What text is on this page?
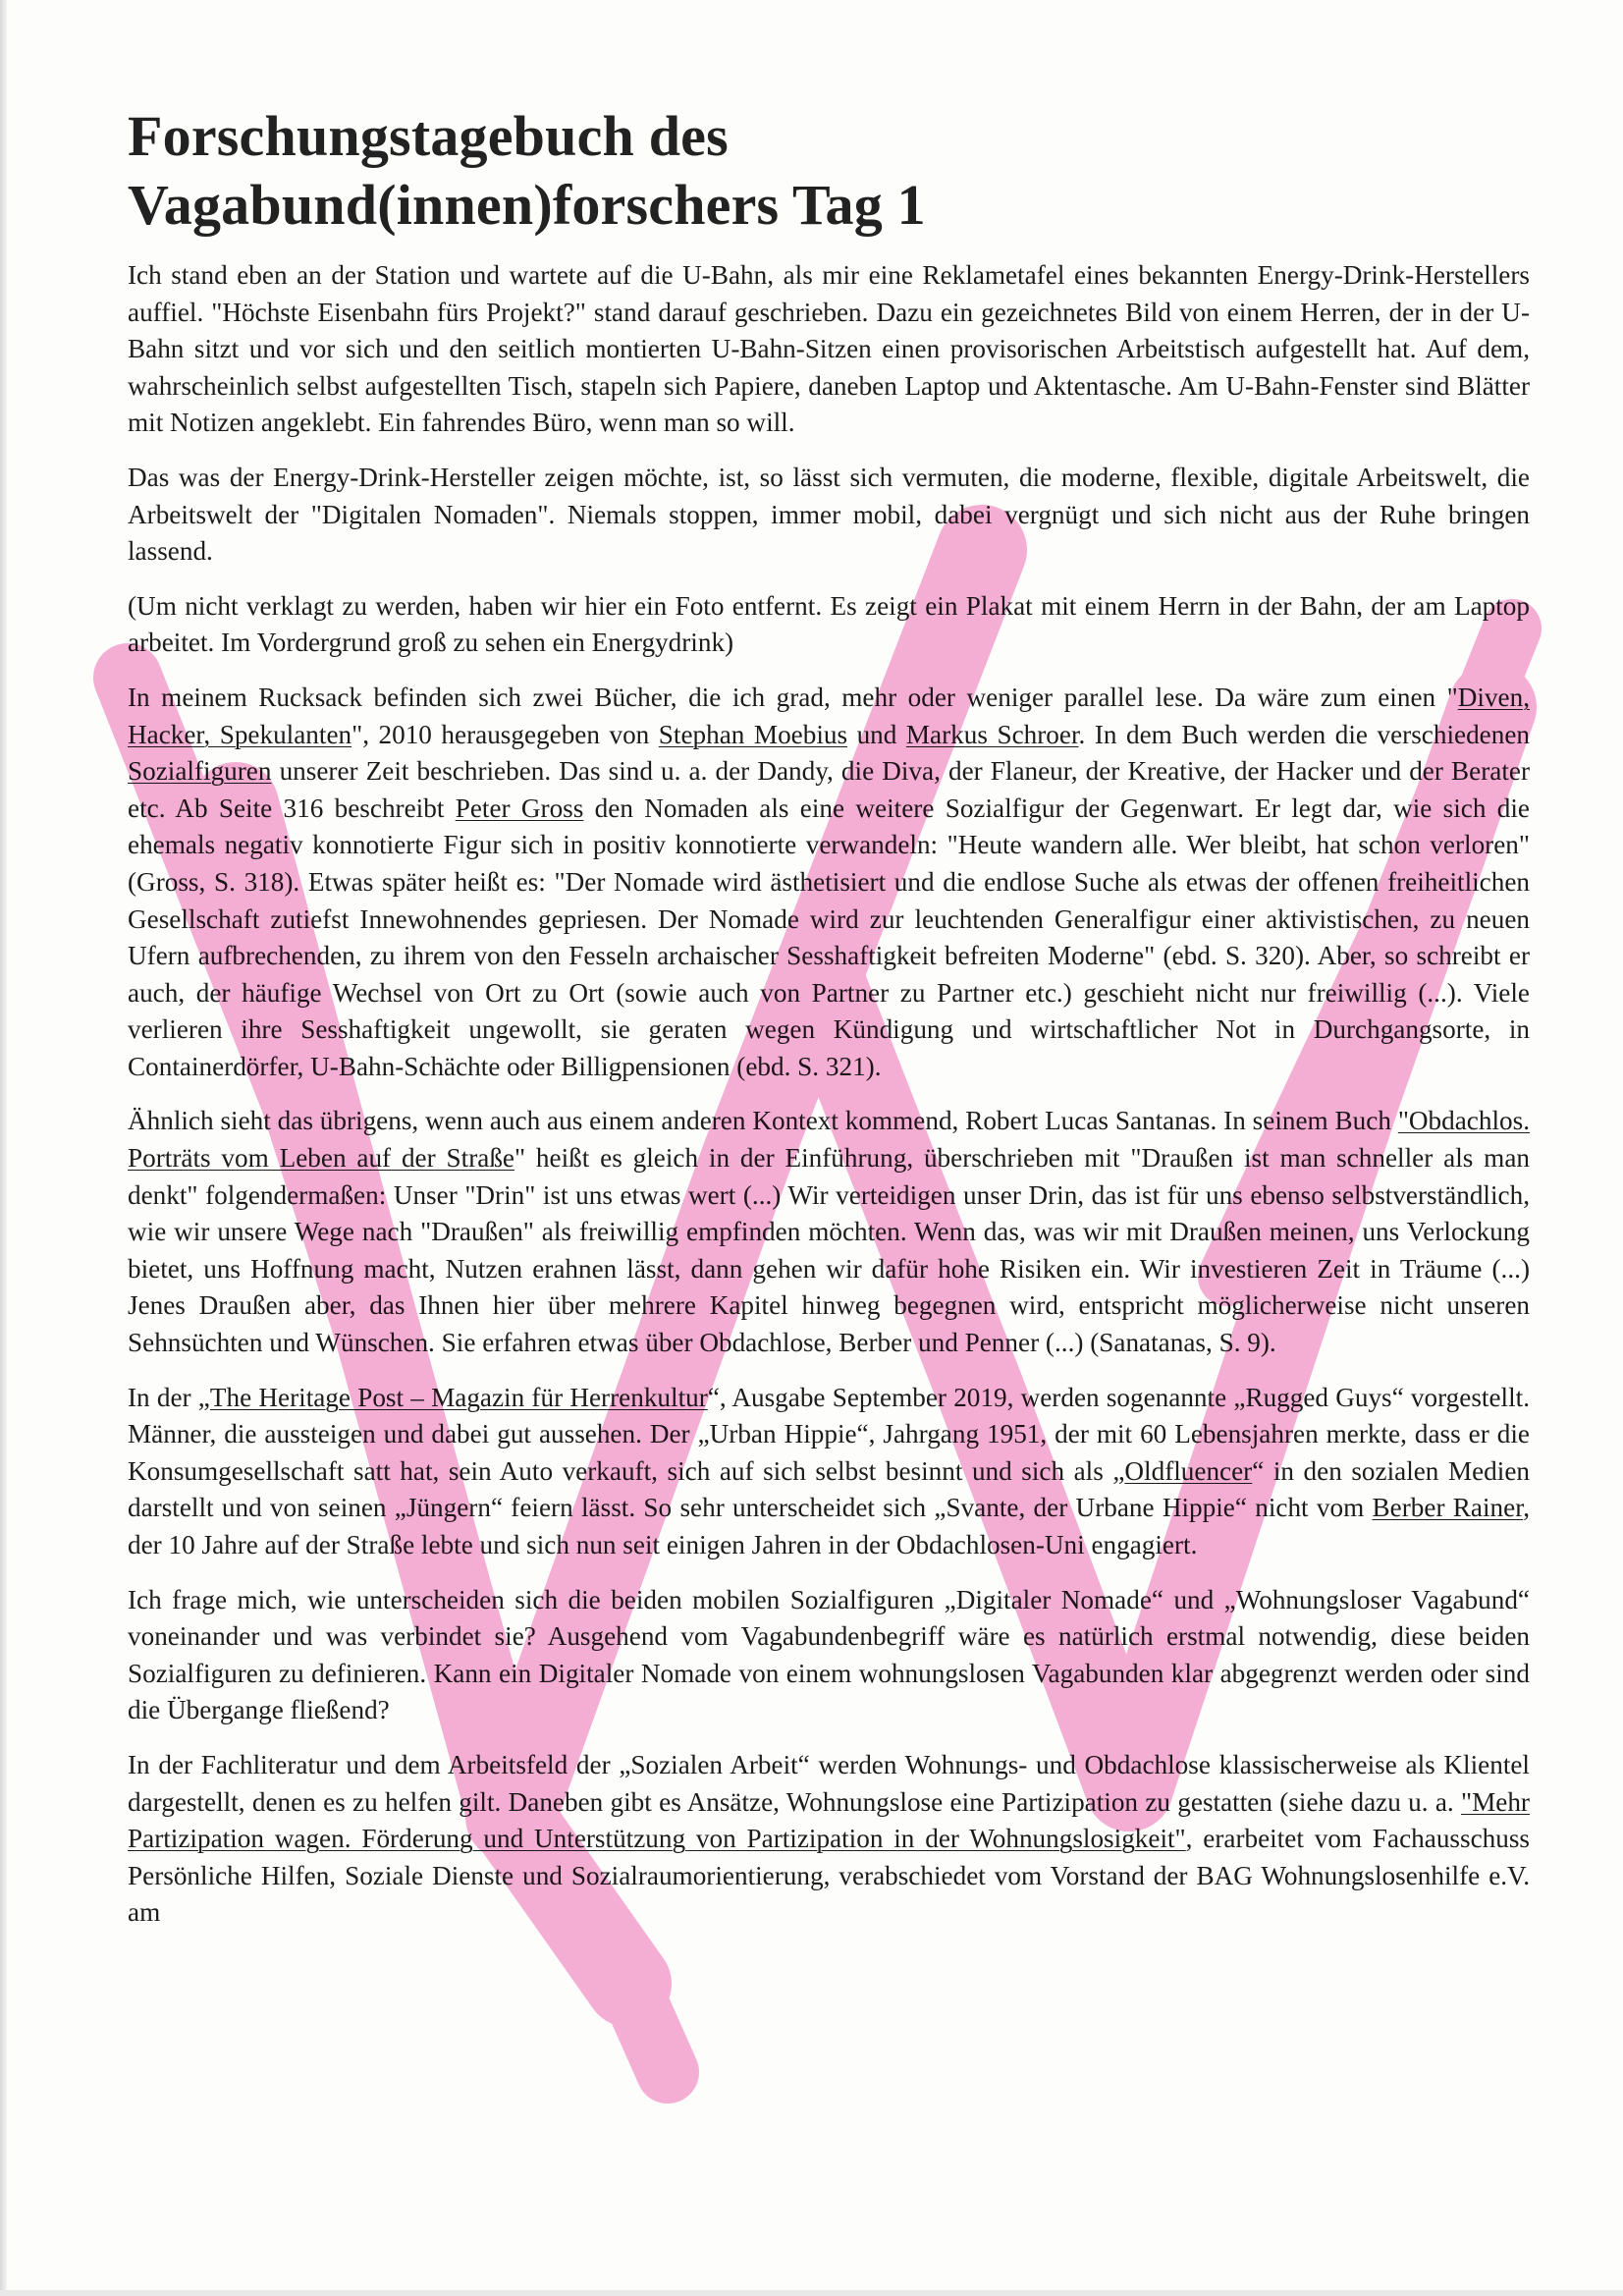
Forschungstagebuch des
Vagabund(innen)forschers Tag 1

Ich stand eben an der Station und wartete auf die U-Bahn, als mir eine Reklametafel eines bekannten Energy-Drink-Herstellers auffiel. "Höchste Eisenbahn fürs Projekt?" stand darauf geschrieben. Dazu ein gezeichnetes Bild von einem Herren, der in der U-Bahn sitzt und vor sich und den seitlich montierten U-Bahn-Sitzen einen provisorischen Arbeitstisch aufgestellt hat. Auf dem, wahrscheinlich selbst aufgestellten Tisch, stapeln sich Papiere, daneben Laptop und Aktentasche. Am U-Bahn-Fenster sind Blätter mit Notizen angeklebt. Ein fahrendes Büro, wenn man so will.

Das was der Energy-Drink-Hersteller zeigen möchte, ist, so lässt sich vermuten, die moderne, flexible, digitale Arbeitswelt, die Arbeitswelt der "Digitalen Nomaden". Niemals stoppen, immer mobil, dabei vergnügt und sich nicht aus der Ruhe bringen lassend.

(Um nicht verklagt zu werden, haben wir hier ein Foto entfernt. Es zeigt ein Plakat mit einem Herrn in der Bahn, der am Laptop arbeitet. Im Vordergrund groß zu sehen ein Energydrink)

In meinem Rucksack befinden sich zwei Bücher, die ich grad, mehr oder weniger parallel lese. Da wäre zum einen "Diven, Hacker, Spekulanten", 2010 herausgegeben von Stephan Moebius und Markus Schroer. In dem Buch werden die verschiedenen Sozialfiguren unserer Zeit beschrieben. Das sind u. a. der Dandy, die Diva, der Flaneur, der Kreative, der Hacker und der Berater etc. Ab Seite 316 beschreibt Peter Gross den Nomaden als eine weitere Sozialfigur der Gegenwart. Er legt dar, wie sich die ehemals negativ konnotierte Figur sich in positiv konnotierte verwandeln: "Heute wandern alle. Wer bleibt, hat schon verloren" (Gross, S. 318). Etwas später heißt es: "Der Nomade wird ästhetisiert und die endlose Suche als etwas der offenen freiheitlichen Gesellschaft zutiefst Innewohnendes gepriesen. Der Nomade wird zur leuchtenden Generalfigur einer aktivistischen, zu neuen Ufern aufbrechenden, zu ihrem von den Fesseln archaischer Sesshaftigkeit befreiten Moderne" (ebd. S. 320). Aber, so schreibt er auch, der häufige Wechsel von Ort zu Ort (sowie auch von Partner zu Partner etc.) geschieht nicht nur freiwillig (...). Viele verlieren ihre Sesshaftigkeit ungewollt, sie geraten wegen Kündigung und wirtschaftlicher Not in Durchgangsorte, in Containerdörfer, U-Bahn-Schächte oder Billigpensionen (ebd. S. 321).

Ähnlich sieht das übrigens, wenn auch aus einem anderen Kontext kommend, Robert Lucas Santanas. In seinem Buch "Obdachlos. Porträts vom Leben auf der Straße" heißt es gleich in der Einführung, überschrieben mit "Draußen ist man schneller als man denkt" folgendermaßen: Unser "Drin" ist uns etwas wert (...) Wir verteidigen unser Drin, das ist für uns ebenso selbstverständlich, wie wir unsere Wege nach "Draußen" als freiwillig empfinden möchten. Wenn das, was wir mit Draußen meinen, uns Verlockung bietet, uns Hoffnung macht, Nutzen erahnen lässt, dann gehen wir dafür hohe Risiken ein. Wir investieren Zeit in Träume (...) Jenes Draußen aber, das Ihnen hier über mehrere Kapitel hinweg begegnen wird, entspricht möglicherweise nicht unseren Sehnsüchten und Wünschen. Sie erfahren etwas über Obdachlose, Berber und Penner (...) (Sanatanas, S. 9).

In der „The Heritage Post – Magazin für Herrenkultur“, Ausgabe September 2019, werden sogenannte „Rugged Guys“ vorgestellt. Männer, die aussteigen und dabei gut aussehen. Der „Urban Hippie“, Jahrgang 1951, der mit 60 Lebensjahren merkte, dass er die Konsumgesellschaft satt hat, sein Auto verkauft, sich auf sich selbst besinnt und sich als „Oldfluencer“ in den sozialen Medien darstellt und von seinen „Jüngern“ feiern lässt. So sehr unterscheidet sich „Svante, der Urbane Hippie“ nicht vom Berber Rainer, der 10 Jahre auf der Straße lebte und sich nun seit einigen Jahren in der Obdachlosen-Uni engagiert.

Ich frage mich, wie unterscheiden sich die beiden mobilen Sozialfiguren „Digitaler Nomade“ und „Wohnungsloser Vagabund“ voneinander und was verbindet sie? Ausgehend vom Vagabundenbegriff wäre es natürlich erstmal notwendig, diese beiden Sozialfiguren zu definieren. Kann ein Digitaler Nomade von einem wohnungslosen Vagabunden klar abgegrenzt werden oder sind die Übergange fließend?

In der Fachliteratur und dem Arbeitsfeld der „Sozialen Arbeit“ werden Wohnungs- und Obdachlose klassischerweise als Klientel dargestellt, denen es zu helfen gilt. Daneben gibt es Ansätze, Wohnungslose eine Partizipation zu gestatten (siehe dazu u. a. "Mehr Partizipation wagen. Förderung und Unterstützung von Partizipation in der Wohnungslosigkeit", erarbeitet vom Fachausschuss Persönliche Hilfen, Soziale Dienste und Sozialraumorientierung, verabschiedet vom Vorstand der BAG Wohnungslosenhilfe e.V. am
